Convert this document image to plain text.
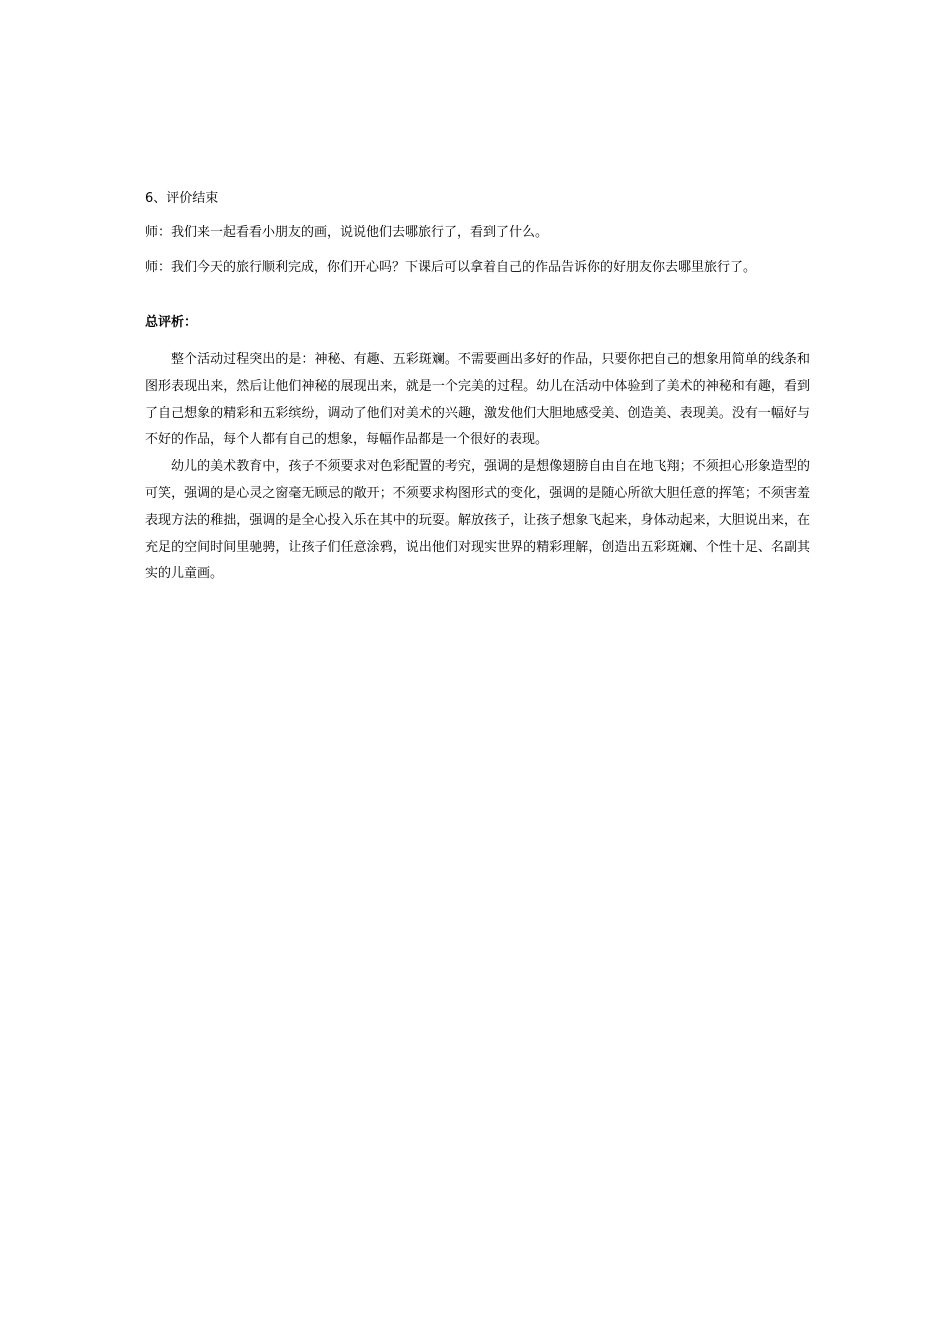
6、评价结束
师：我们来一起看看小朋友的画，说说他们去哪旅行了，看到了什么。
师：我们今天的旅行顺利完成，你们开心吗？下课后可以拿着自己的作品告诉你的好朋友你去哪里旅行了。
总评析：

整个活动过程突出的是：神秘、有趣、五彩斑斓。不需要画出多好的作品，只要你把自己的想象用简单的线条和图形表现出来，然后让他们神秘的展现出来，就是一个完美的过程。幼儿在活动中体验到了美术的神秘和有趣，看到了自己想象的精彩和五彩缤纷，调动了他们对美术的兴趣，激发他们大胆地感受美、创造美、表现美。没有一幅好与不好的作品，每个人都有自己的想象，每幅作品都是一个很好的表现。

幼儿的美术教育中，孩子不须要求对色彩配置的考究，强调的是想像翅膀自由自在地飞翔；不须担心形象造型的可笑，强调的是心灵之窗毫无顾忌的敞开；不须要求构图形式的变化，强调的是随心所欲大胆任意的挥笔；不须害羞表现方法的稚拙，强调的是全心投入乐在其中的玩耍。解放孩子，让孩子想象飞起来，身体动起来，大胆说出来，在充足的空间时间里驰骋，让孩子们任意涂鸦，说出他们对现实世界的精彩理解，创造出五彩斑斓、个性十足、名副其实的儿童画。
